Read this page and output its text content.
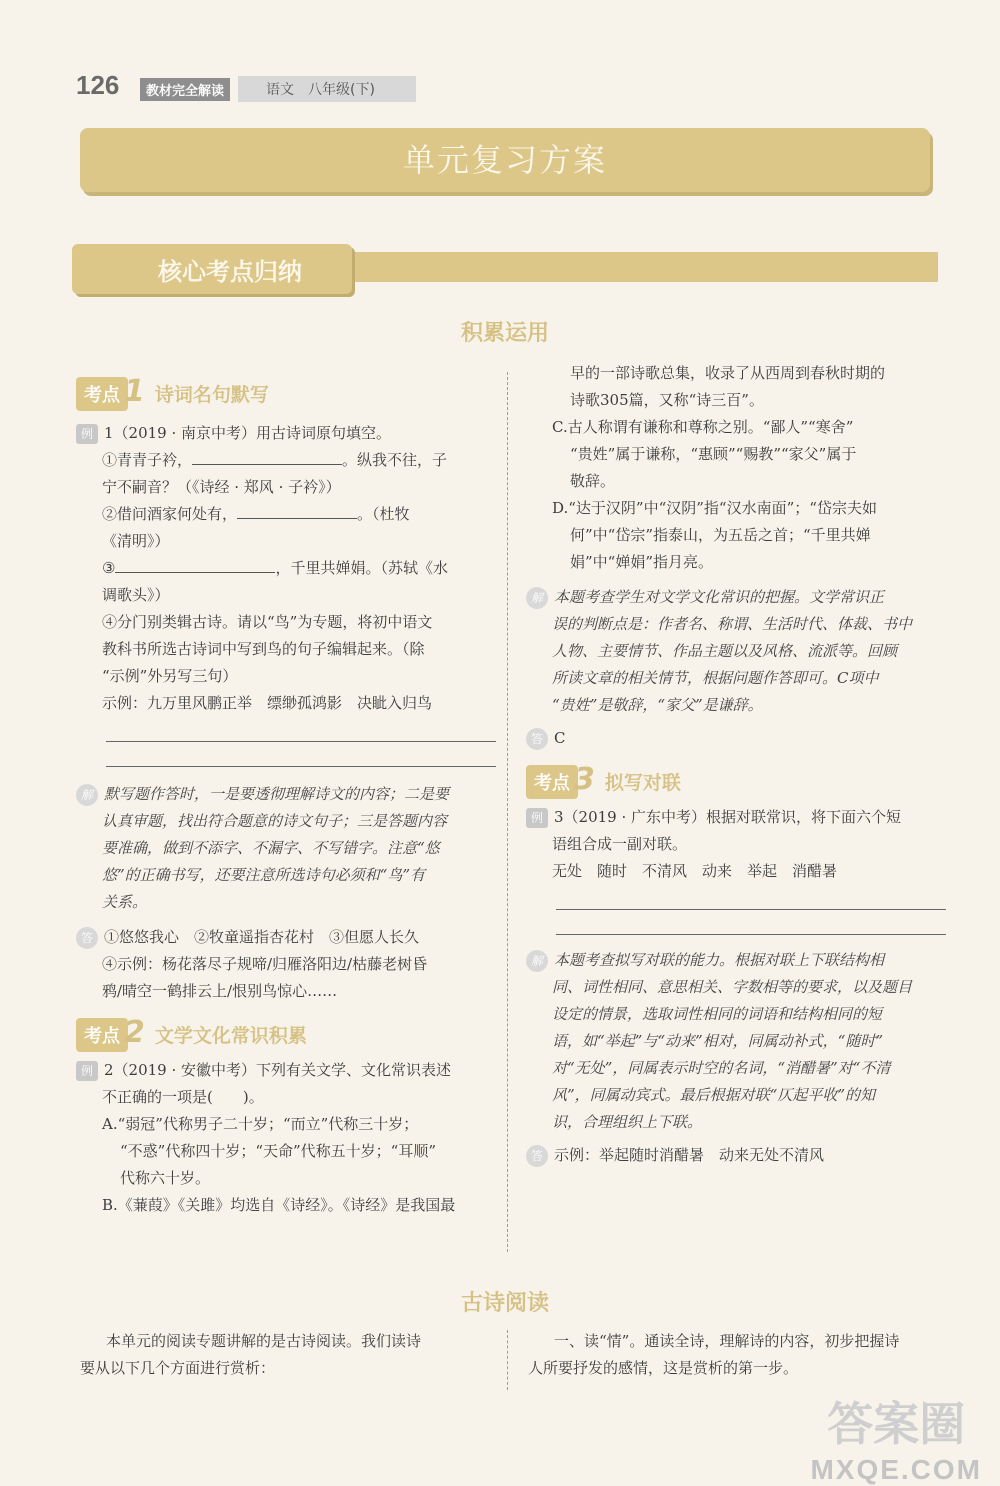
126	教材完全解读	语文　八年级(下)
单元复习方案
核心考点归纳
积累运用
考点 1 诗词名句默写

例 1（2019 · 南京中考）用古诗词原句填空。

①青青子衿，	。纵我不往，子

宁不嗣音？（《诗经 · 郑风 · 子衿》）

②借问酒家何处有，	。（杜牧

《清明》）

③	，千里共婵娟。（苏轼《水

调歌头》）

④分门别类辑古诗。请以“鸟”为专题，将初中语文

教科书所选古诗词中写到鸟的句子编辑起来。（除

“示例”外另写三句）

示例：九万里风鹏正举　缥缈孤鸿影　决眦入归鸟

解 默写题作答时，一是要透彻理解诗文的内容；二是要

认真审题，找出符合题意的诗文句子；三是答题内容

要准确，做到不添字、不漏字、不写错字。注意“悠

悠”的正确书写，还要注意所选诗句必须和“鸟”有

关系。

答 ①悠悠我心　②牧童遥指杏花村　③但愿人长久

④示例：杨花落尽子规啼/归雁洛阳边/枯藤老树昏

鸦/晴空一鹤排云上/恨别鸟惊心……

考点 2 文学文化常识积累

例 2（2019 · 安徽中考）下列有关文学、文化常识表述

不正确的一项是(　　)。

A.“弱冠”代称男子二十岁；“而立”代称三十岁；

“不惑”代称四十岁；“天命”代称五十岁；“耳顺”

代称六十岁。

B.《蒹葭》《关雎》均选自《诗经》。《诗经》是我国最

早的一部诗歌总集，收录了从西周到春秋时期的

诗歌305篇，又称“诗三百”。

C.古人称谓有谦称和尊称之别。“鄙人”“寒舍”

“贵姓”属于谦称，“惠顾”“赐教”“家父”属于

敬辞。

D.“达于汉阴”中“汉阴”指“汉水南面”；“岱宗夫如

何”中“岱宗”指泰山，为五岳之首；“千里共婵

娟”中“婵娟”指月亮。

解 本题考查学生对文学文化常识的把握。文学常识正

误的判断点是：作者名、称谓、生活时代、体裁、书中

人物、主要情节、作品主题以及风格、流派等。回顾

所读文章的相关情节，根据问题作答即可。C项中

“贵姓”是敬辞，“家父”是谦辞。

答 C

考点 3 拟写对联

例 3（2019 · 广东中考）根据对联常识，将下面六个短

语组合成一副对联。

无处　随时　不清风　动来　举起　消醋暑

解 本题考查拟写对联的能力。根据对联上下联结构相

同、词性相同、意思相关、字数相等的要求，以及题目

设定的情景，选取词性相同的词语和结构相同的短

语，如“举起”与“动来”相对，同属动补式，“随时”

对“无处”，同属表示时空的名词，“消醋暑”对“不清

风”，同属动宾式。最后根据对联“仄起平收”的知

识，合理组织上下联。

答 示例：举起随时消醋暑　动来无处不清风

古诗阅读

本单元的阅读专题讲解的是古诗阅读。我们读诗

要从以下几个方面进行赏析：

一、读“情”。通读全诗，理解诗的内容，初步把握诗

人所要抒发的感情，这是赏析的第一步。

答案圈
MXQE.COM
